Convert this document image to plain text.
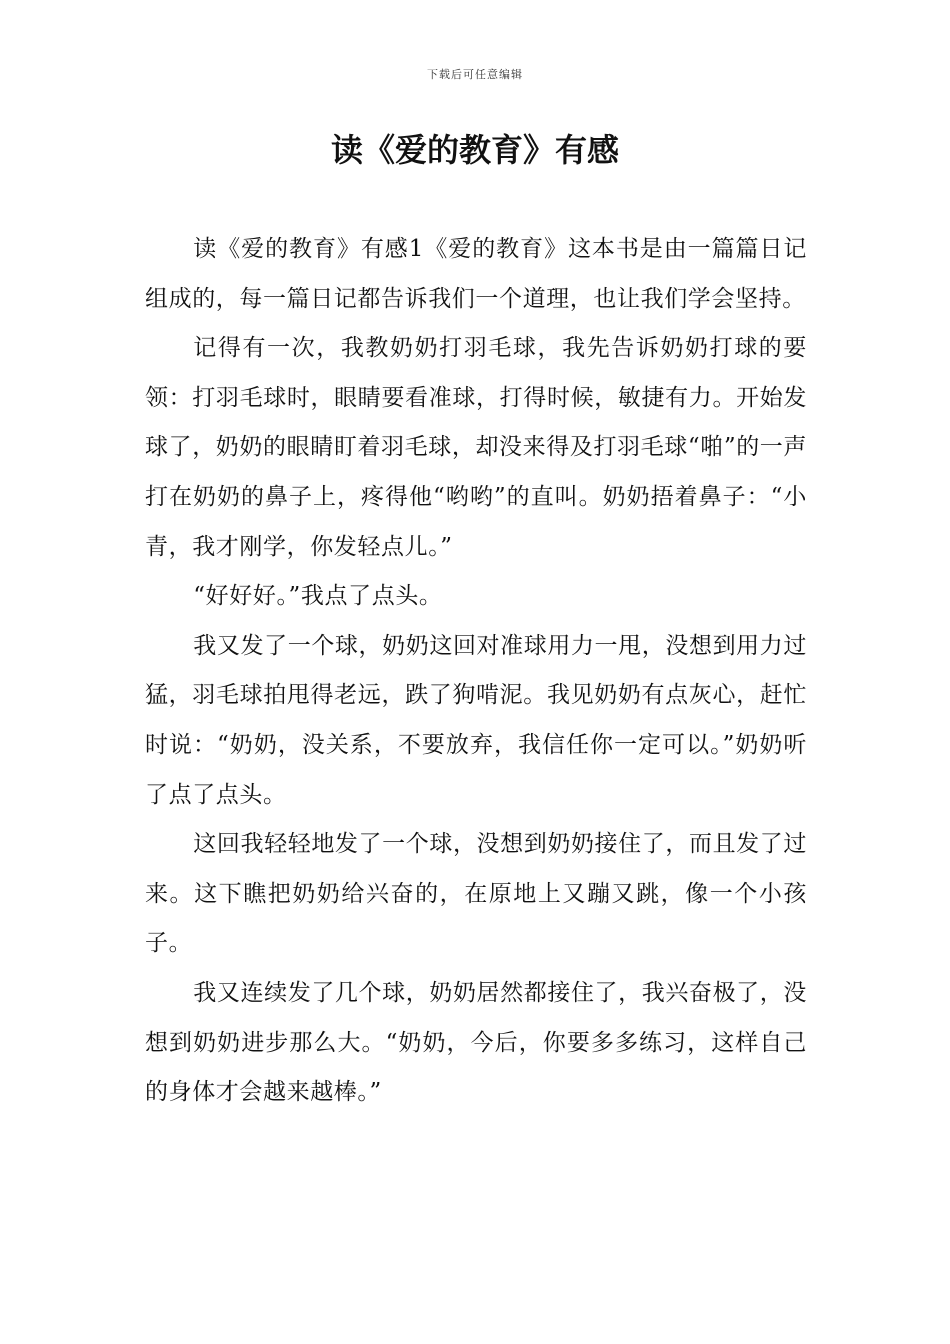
下载后可任意编辑
读《爱的教育》有感

读《爱的教育》有感1《爱的教育》这本书是由一篇篇日记组成的，每一篇日记都告诉我们一个道理，也让我们学会坚持。

记得有一次，我教奶奶打羽毛球，我先告诉奶奶打球的要领：打羽毛球时，眼睛要看准球，打得时候，敏捷有力。开始发球了，奶奶的眼睛盯着羽毛球，却没来得及打羽毛球“啪”的一声打在奶奶的鼻子上，疼得他“哟哟”的直叫。奶奶捂着鼻子：“小青，我才刚学，你发轻点儿。”

“好好好。”我点了点头。

我又发了一个球，奶奶这回对准球用力一甩，没想到用力过猛，羽毛球拍甩得老远，跌了狗啃泥。我见奶奶有点灰心，赶忙时说：“奶奶，没关系，不要放弃，我信任你一定可以。”奶奶听了点了点头。

这回我轻轻地发了一个球，没想到奶奶接住了，而且发了过来。这下瞧把奶奶给兴奋的，在原地上又蹦又跳，像一个小孩子。

我又连续发了几个球，奶奶居然都接住了，我兴奋极了，没想到奶奶进步那么大。“奶奶，今后，你要多多练习，这样自己的身体才会越来越棒。”
